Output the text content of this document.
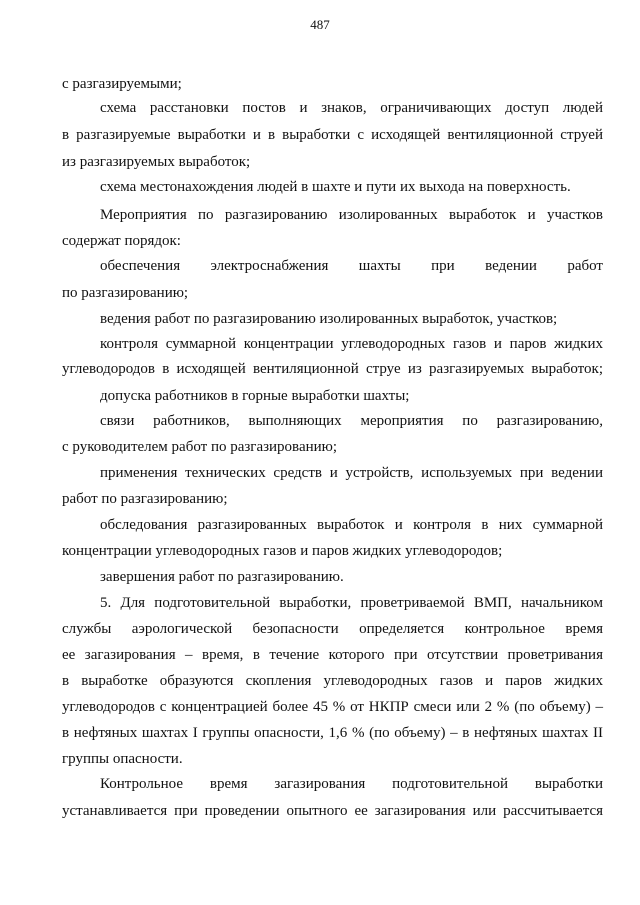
487
с разгазируемыми;
схема расстановки постов и знаков, ограничивающих доступ людей
в разгазируемые выработки и в выработки с исходящей вентиляционной струей
из разгазируемых выработок;
схема местонахождения людей в шахте и пути их выхода на поверхность.
Мероприятия по разгазированию изолированных выработок и участков
содержат порядок:
обеспечения электроснабжения шахты при ведении работ
по разгазированию;
ведения работ по разгазированию изолированных выработок, участков;
контроля суммарной концентрации углеводородных газов и паров жидких
углеводородов в исходящей вентиляционной струе из разгазируемых выработок;
допуска работников в горные выработки шахты;
связи работников, выполняющих мероприятия по разгазированию,
с руководителем работ по разгазированию;
применения технических средств и устройств, используемых при ведении
работ по разгазированию;
обследования разгазированных выработок и контроля в них суммарной
концентрации углеводородных газов и паров жидких углеводородов;
завершения работ по разгазированию.
5. Для подготовительной выработки, проветриваемой ВМП, начальником
службы аэрологической безопасности определяется контрольное время
ее загазирования – время, в течение которого при отсутствии проветривания
в выработке образуются скопления углеводородных газов и паров жидких
углеводородов с концентрацией более 45 % от НКПР смеси или 2 % (по объему) –
в нефтяных шахтах I группы опасности, 1,6 % (по объему) – в нефтяных шахтах II
группы опасности.
Контрольное время загазирования подготовительной выработки
устанавливается при проведении опытного ее загазирования или рассчитывается
